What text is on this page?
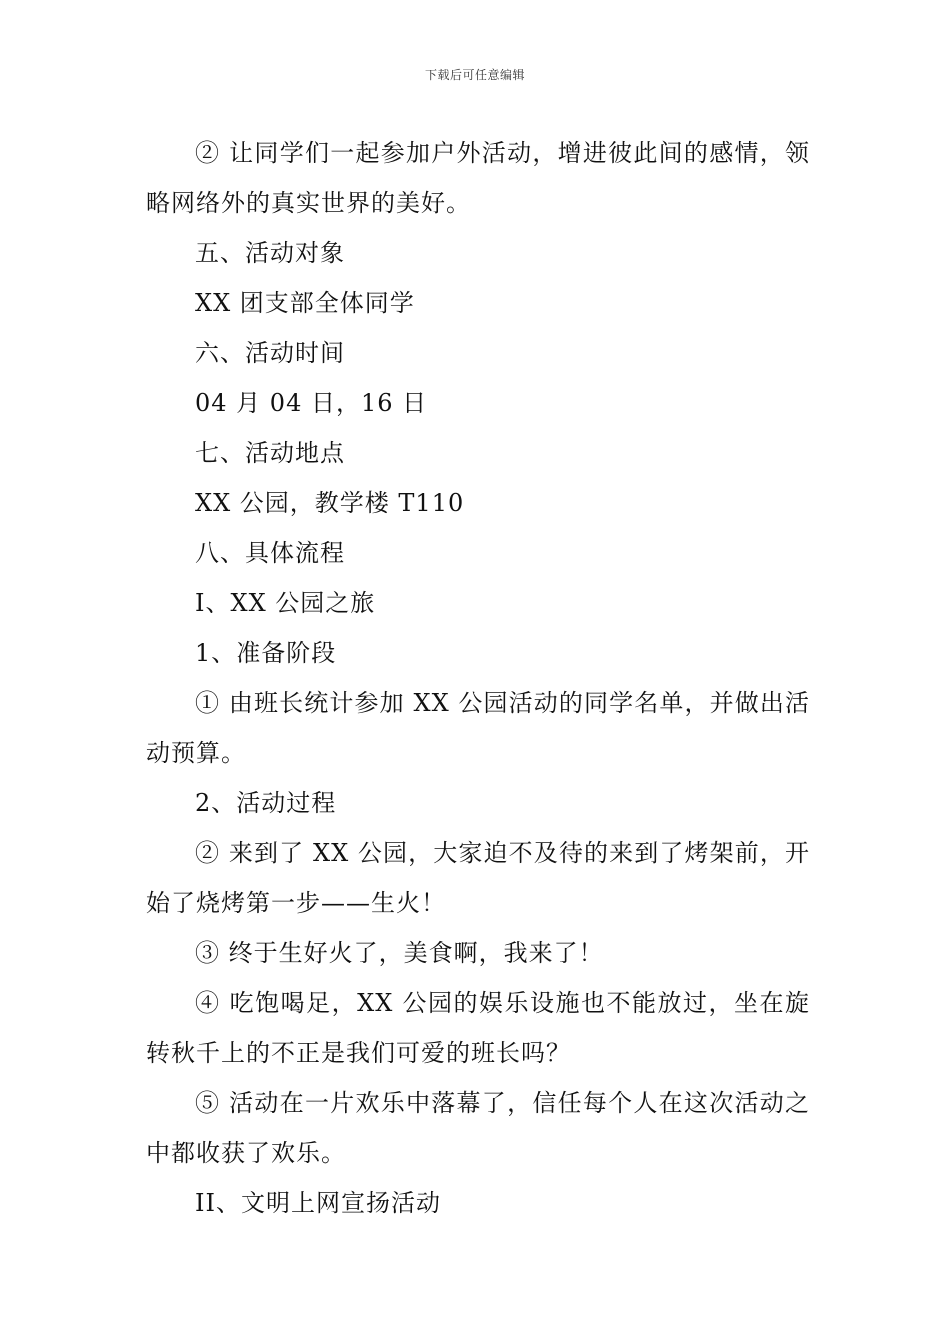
下载后可任意编辑

② 让同学们一起参加户外活动，增进彼此间的感情，领略网络外的真实世界的美好。

五、活动对象

XX 团支部全体同学

六、活动时间

04 月 04 日，16 日

七、活动地点

XX 公园，教学楼 T110

八、具体流程

I、XX 公园之旅

1、准备阶段

① 由班长统计参加 XX 公园活动的同学名单，并做出活动预算。

2、活动过程

② 来到了 XX 公园，大家迫不及待的来到了烤架前，开始了烧烤第一步——生火！

③ 终于生好火了，美食啊，我来了！

④ 吃饱喝足，XX 公园的娱乐设施也不能放过，坐在旋转秋千上的不正是我们可爱的班长吗？

⑤ 活动在一片欢乐中落幕了，信任每个人在这次活动之中都收获了欢乐。

II、文明上网宣扬活动
